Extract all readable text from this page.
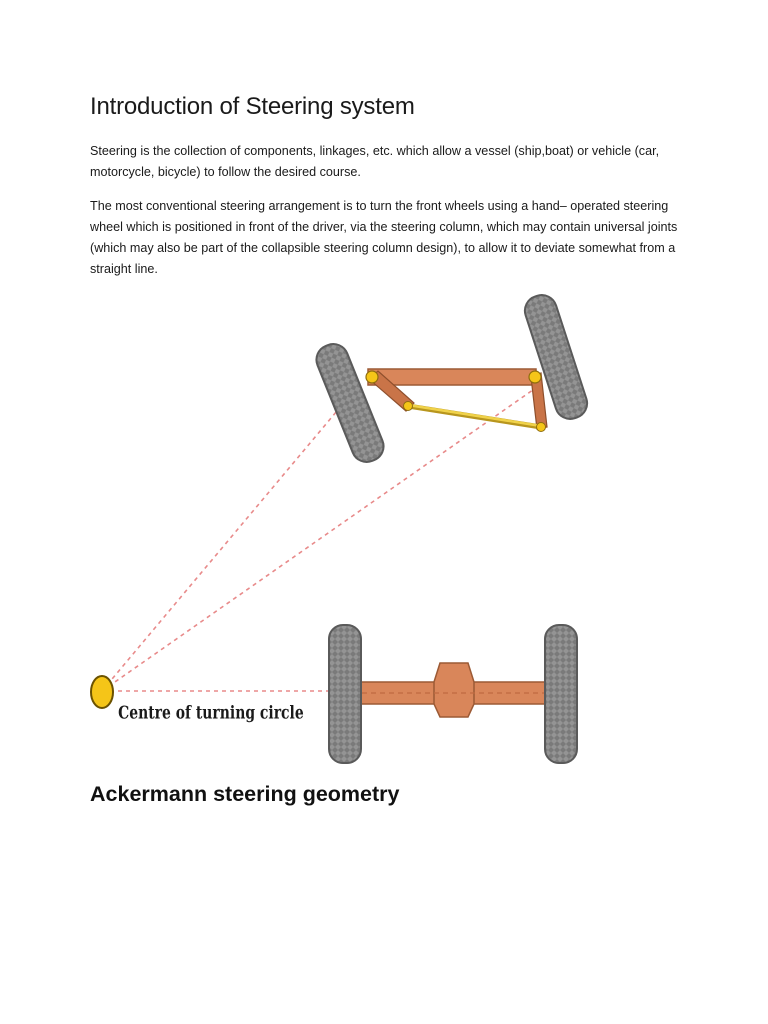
Introduction of Steering system

Steering is the collection of components, linkages, etc. which allow a vessel (ship,boat) or vehicle (car, motorcycle, bicycle) to follow the desired course.

The most conventional steering arrangement is to turn the front wheels using a hand– operated steering wheel which is positioned in front of the driver, via the steering column, which may contain universal joints (which may also be part of the collapsible steering column design), to allow it to deviate somewhat from a straight line.

Centre of turning circle
Ackermann steering geometry
